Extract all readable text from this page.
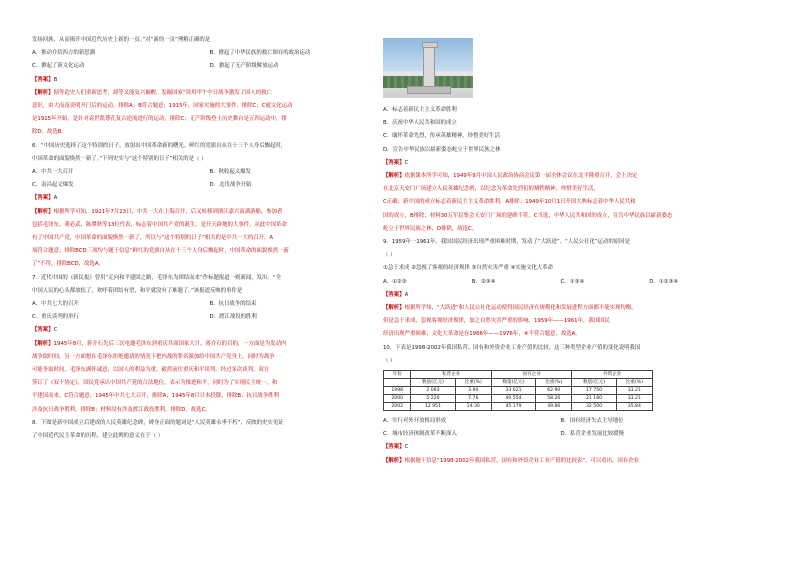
发扬回族，从而揭开中国近代历史上新的一页。”对“新的一页”理解正确的是
A．推动介绍西方的新思潮	B．掀起了中华民族的救亡图存的政治运动
C．掀起了新文化运动	D．掀起了无产阶级解放运动
【答案】B
【解析】据等造史人们重新思考，却等又能复兴掘醒，发掘国家”资用甲午中日战争激发了国人的救亡
意识，由大而及说明开门后的运动，排除A；B符合题意；1915年，国家实施的大事件，排除C；C就文化运动
是1915年开始，是针对袁世凯尊孔复古逆流进行的运动，排除C；无产阶级登上历史舞台是五四运动中，排
除D。故选B。
6．“中国历史选择了这个特别的日子，放射出中国革命新的曙光。鲜红的党旗自从在十三个人身后飘起时，
中国革命的面貌焕然一新了。”下列史实与“这个特别的日子”相关的是（ ）
A．中共一大召开	B．秋收起义爆发
C．南昌起义爆发	D．北伐战争开始
【答案】A
【解析】根据所学可知，1921年7月23日，中共一大在上海召开，后又转移到浙江嘉兴南湖游船，参加者
包括毛泽东、董必武、陈潭秋等13位代表，标志着中国共产党的诞生，是开天辟地的大事件，从此中国革命
有了中国共产党，中国革命的面貌焕然一新了，所以与“这个特别的日子”相关的是中共一大的召开，A
项符合题意；排除BCD三项均与题干信息“鲜红的党旗自从在十三个人身后飘起时，中国革命的面貌焕然一新
了”不符，排除BCD，故选A。
7．近代中国的《新民报》曾用“走向和平建国之路，毛泽东为团结而来”作标题报道一则新闻，发出：“全
中国人民的心头都放松了，欢呼着团结有望，和平就没有了难题了。”该报道反映的事件是
A．中共七大的召开	B．抗日战争的结束
C．重庆谈判的举行	D．渡江战役的胜利
【答案】C
【解析】1945年8月，蒋介石先后三次电邀毛泽东到重庆共商国家大计。蒋介石的目的，一方面是为发动内
战争取时间，另一方面想在毛泽东拒绝邀请的情况下把内战的罪名强加给中国共产党身上，同时为战争
可能争取时间，毛泽东满怀诚意，以国人的利益为重，毅然前往重庆和平谈判，经过多次谈判，双方
签订了《双十协定》，国民党承认中国共产党的合法地位，表示为推进和平，同时为了实现民主统一，和
平建国而来，C符合题意；1945年中共七大召开，排除A；1945年8月日本投降，排除B；抗日战争胜利
涉及抗日战争胜利，排除B；材料没有涉及渡江战役胜利，排除D，故选C。
8．下图是新中国成立后建成的人民英雄纪念碑，碑身正面的题词是“人民英雄永垂不朽”，反映的史实见证
了中国近代民主革命的历程，建立此碑的意义在于（ ）
A．标志着新民主主义革命胜利
B．庆祝中华人民共和国的成立
C．缅怀革命先烈，传承英雄精神，珍惜美好生活
D．宣告中华民族以崭新姿态屹立于世界民族之林
【答案】C
【解析】依据课本所学可知，1949年9月中国人民政治协商会议第一届全体会议在北平隆重召开，会上决定
在北京天安门广场建立人民英雄纪念碑，以纪念为革命先烈们的牺牲精神，珍惜美好生活，
C正确；新中国的成立标志着新民主主义革命胜利，A排除；1949年10月1日开国大典标志着中华人民共和
国的成立，B排除；材料30万军民集会天安门广场的建碑不符，C当选；中华人民共和国的成立，宣告中华民族以崭新姿态
屹立于世界民族之林，D排除，故选C。
9．1959年一1961年，我国国民经济出现严重困难时期，发动了“大跃进”、“人民公社化”运动的原因是
（ ）
①急于求成 ②忽视了客观的经济规律 ③自然灾害严重 ④实施文化大革命
A．①②③	B．②③④	C．①③④	D．①②③④
【答案】A
【解析】根据所学知，“大跃进”和人民公社化运动使得国民经济在规模化和发展进程方面都不能实现均衡，
但是急于求成，忽视客观经济规律，加之自然灾害严重的影响，1959年——1961年，我国国民
经济出现严重困难；文化大革命是在1966年——1976年，④不符合题意，故选A。
10．下表是1998-2002年我国私营、国有和外资企业工业产值的比较，这三种类型企业产值的变化说明我国
（ ）
年份	私营企业		国有企业		外资企业	
	数值(亿元)	比重(%)	数值(亿元)	比重(%)	数值(亿元)	比重(%)
1998	2 083	3.90	33 621	62.90	17 750	33.21
2000	5 220	7.76	40 554	58.26	21 180	33.21
2002	12 951	14.30	45 179	49.86	32 500	35.84
A．实行对外开放格局形成	B．国有经济失去主导地位
C．城市经济体制改革不断深入	D．私营企业发展比较缓慢
【答案】C
【解析】根据题干信息“1998-2002年我国私营、国有和外资企业工业产值的比较表”，可以看出，国有企业
